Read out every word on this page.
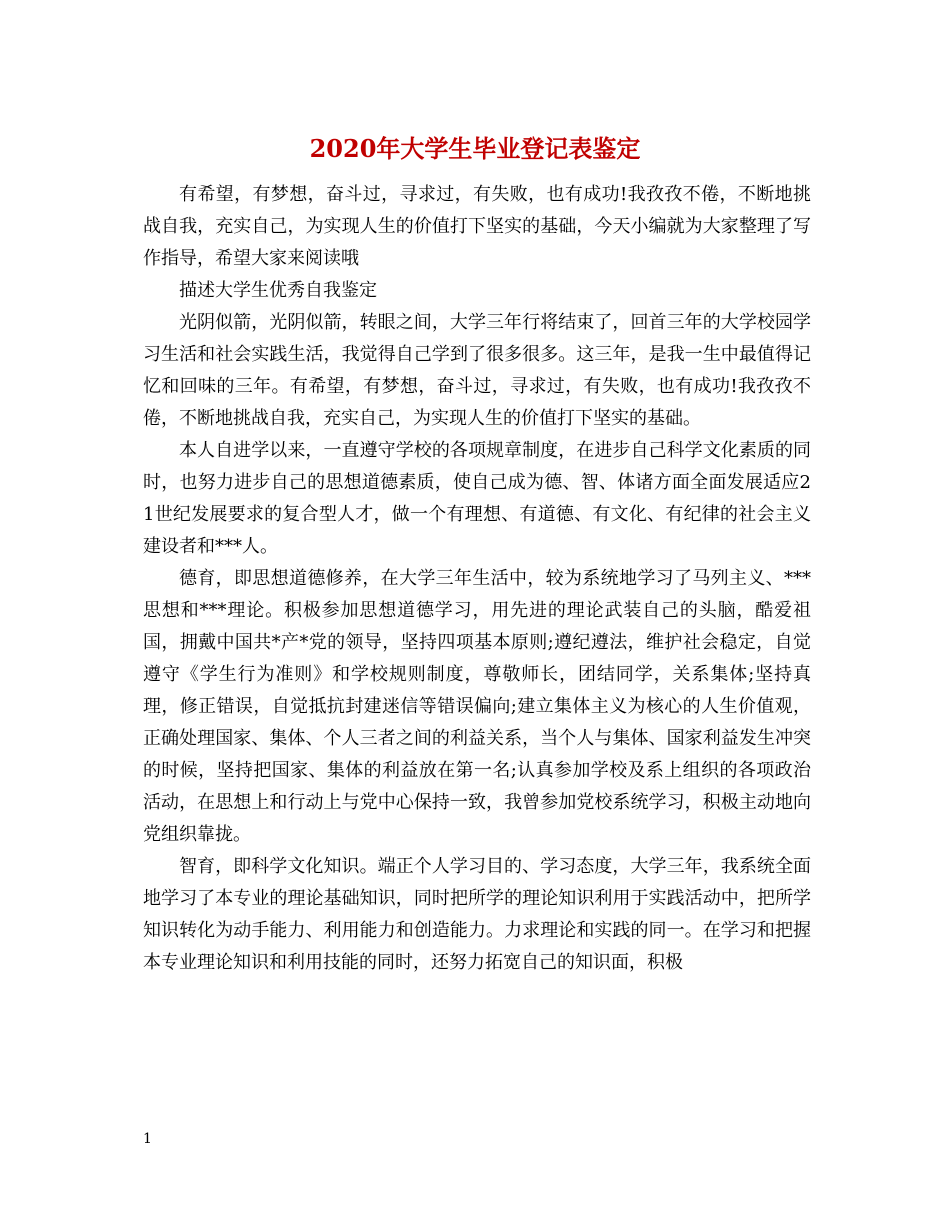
2020年大学生毕业登记表鉴定

有希望，有梦想，奋斗过，寻求过，有失败，也有成功!我孜孜不倦，不断地挑战自我，充实自己，为实现人生的价值打下坚实的基础，今天小编就为大家整理了写作指导，希望大家来阅读哦

描述大学生优秀自我鉴定

光阴似箭，光阴似箭，转眼之间，大学三年行将结束了，回首三年的大学校园学习生活和社会实践生活，我觉得自己学到了很多很多。这三年，是我一生中最值得记忆和回味的三年。有希望，有梦想，奋斗过，寻求过，有失败，也有成功!我孜孜不倦，不断地挑战自我，充实自己，为实现人生的价值打下坚实的基础。

本人自进学以来，一直遵守学校的各项规章制度，在进步自己科学文化素质的同时，也努力进步自己的思想道德素质，使自己成为德、智、体诸方面全面发展适应21世纪发展要求的复合型人才，做一个有理想、有道德、有文化、有纪律的社会主义建设者和***人。

德育，即思想道德修养，在大学三年生活中，较为系统地学习了马列主义、***思想和***理论。积极参加思想道德学习，用先进的理论武装自己的头脑，酷爱祖国，拥戴中国共*产*党的领导，坚持四项基本原则;遵纪遵法，维护社会稳定，自觉遵守《学生行为准则》和学校规则制度，尊敬师长，团结同学，关系集体;坚持真理，修正错误，自觉抵抗封建迷信等错误偏向;建立集体主义为核心的人生价值观，正确处理国家、集体、个人三者之间的利益关系，当个人与集体、国家利益发生冲突的时候，坚持把国家、集体的利益放在第一名;认真参加学校及系上组织的各项政治活动，在思想上和行动上与党中心保持一致，我曾参加党校系统学习，积极主动地向党组织靠拢。

智育，即科学文化知识。端正个人学习目的、学习态度，大学三年，我系统全面地学习了本专业的理论基础知识，同时把所学的理论知识利用于实践活动中，把所学知识转化为动手能力、利用能力和创造能力。力求理论和实践的同一。在学习和把握本专业理论知识和利用技能的同时，还努力拓宽自己的知识面，积极

1
